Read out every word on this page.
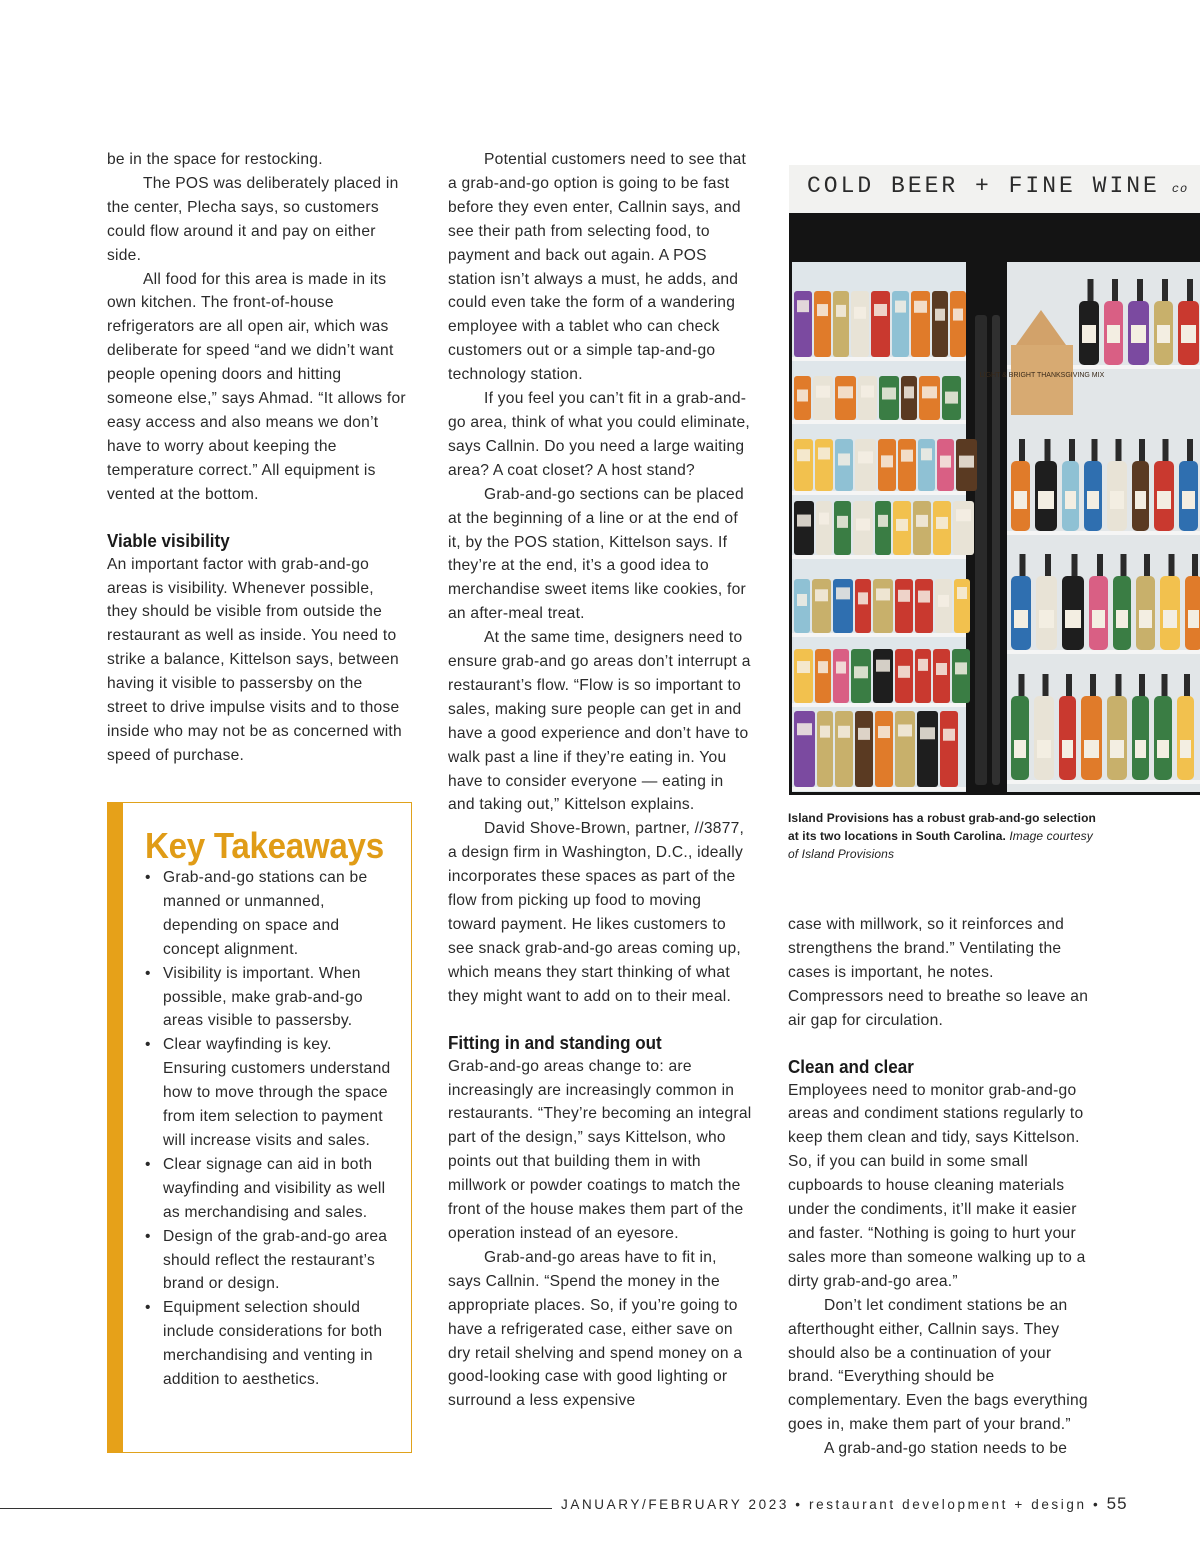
be in the space for restocking.

The POS was deliberately placed in the center, Plecha says, so customers could flow around it and pay on either side.

All food for this area is made in its own kitchen. The front-of-house refrigerators are all open air, which was deliberate for speed “and we didn’t want people opening doors and hitting someone else,” says Ahmad. “It allows for easy access and also means we don’t have to worry about keeping the temperature correct.” All equipment is vented at the bottom.

Viable visibility

An important factor with grab-and-go areas is visibility. Whenever possible, they should be visible from outside the restaurant as well as inside. You need to strike a balance, Kittelson says, between having it visible to passersby on the street to drive impulse visits and to those inside who may not be as concerned with speed of purchase.

Key Takeaways
• Grab-and-go stations can be manned or unmanned, depending on space and concept alignment.
• Visibility is important. When possible, make grab-and-go areas visible to passersby.
• Clear wayfinding is key. Ensuring customers understand how to move through the space from item selection to payment will increase visits and sales.
• Clear signage can aid in both wayfinding and visibility as well as merchandising and sales.
• Design of the grab-and-go area should reflect the restaurant’s brand or design.
• Equipment selection should include considerations for both merchandising and venting in addition to aesthetics.

Potential customers need to see that a grab-and-go option is going to be fast before they even enter, Callnin says, and see their path from selecting food, to payment and back out again. A POS station isn’t always a must, he adds, and could even take the form of a wandering employee with a tablet who can check customers out or a simple tap-and-go technology station.

If you feel you can’t fit in a grab-and-go area, think of what you could eliminate, says Callnin. Do you need a large waiting area? A coat closet? A host stand?

Grab-and-go sections can be placed at the beginning of a line or at the end of it, by the POS station, Kittelson says. If they’re at the end, it’s a good idea to merchandise sweet items like cookies, for an after-meal treat.

At the same time, designers need to ensure grab-and go areas don’t interrupt a restaurant’s flow. “Flow is so important to sales, making sure people can get in and have a good experience and don’t have to walk past a line if they’re eating in. You have to consider everyone — eating in and taking out,” Kittelson explains.

David Shove-Brown, partner, //3877, a design firm in Washington, D.C., ideally incorporates these spaces as part of the flow from picking up food to moving toward payment. He likes customers to see snack grab-and-go areas coming up, which means they start thinking of what they might want to add on to their meal.

Fitting in and standing out

Grab-and-go areas change to: are increasingly are increasingly common in restaurants. “They’re becoming an integral part of the design,” says Kittelson, who points out that building them in with millwork or powder coatings to match the front of the house makes them part of the operation instead of an eyesore.

Grab-and-go areas have to fit in, says Callnin. “Spend the money in the appropriate places. So, if you’re going to have a refrigerated case, either save on dry retail shelving and spend money on a good-looking case with good lighting or surround a less expensive

COLD BEER + FINE WINE co
LIGHT & BRIGHT THANKSGIVING MIX
Island Provisions has a robust grab-and-go selection at its two locations in South Carolina. Image courtesy of Island Provisions

case with millwork, so it reinforces and strengthens the brand.” Ventilating the cases is important, he notes. Compressors need to breathe so leave an air gap for circulation.

Clean and clear

Employees need to monitor grab-and-go areas and condiment stations regularly to keep them clean and tidy, says Kittelson. So, if you can build in some small cupboards to house cleaning materials under the condiments, it’ll make it easier and faster. “Nothing is going to hurt your sales more than someone walking up to a dirty grab-and-go area.”

Don’t let condiment stations be an afterthought either, Callnin says. They should also be a continuation of your brand. “Everything should be complementary. Even the bags everything goes in, make them part of your brand.”

A grab-and-go station needs to be

JANUARY/FEBRUARY 2023 • restaurant development + design • 55
